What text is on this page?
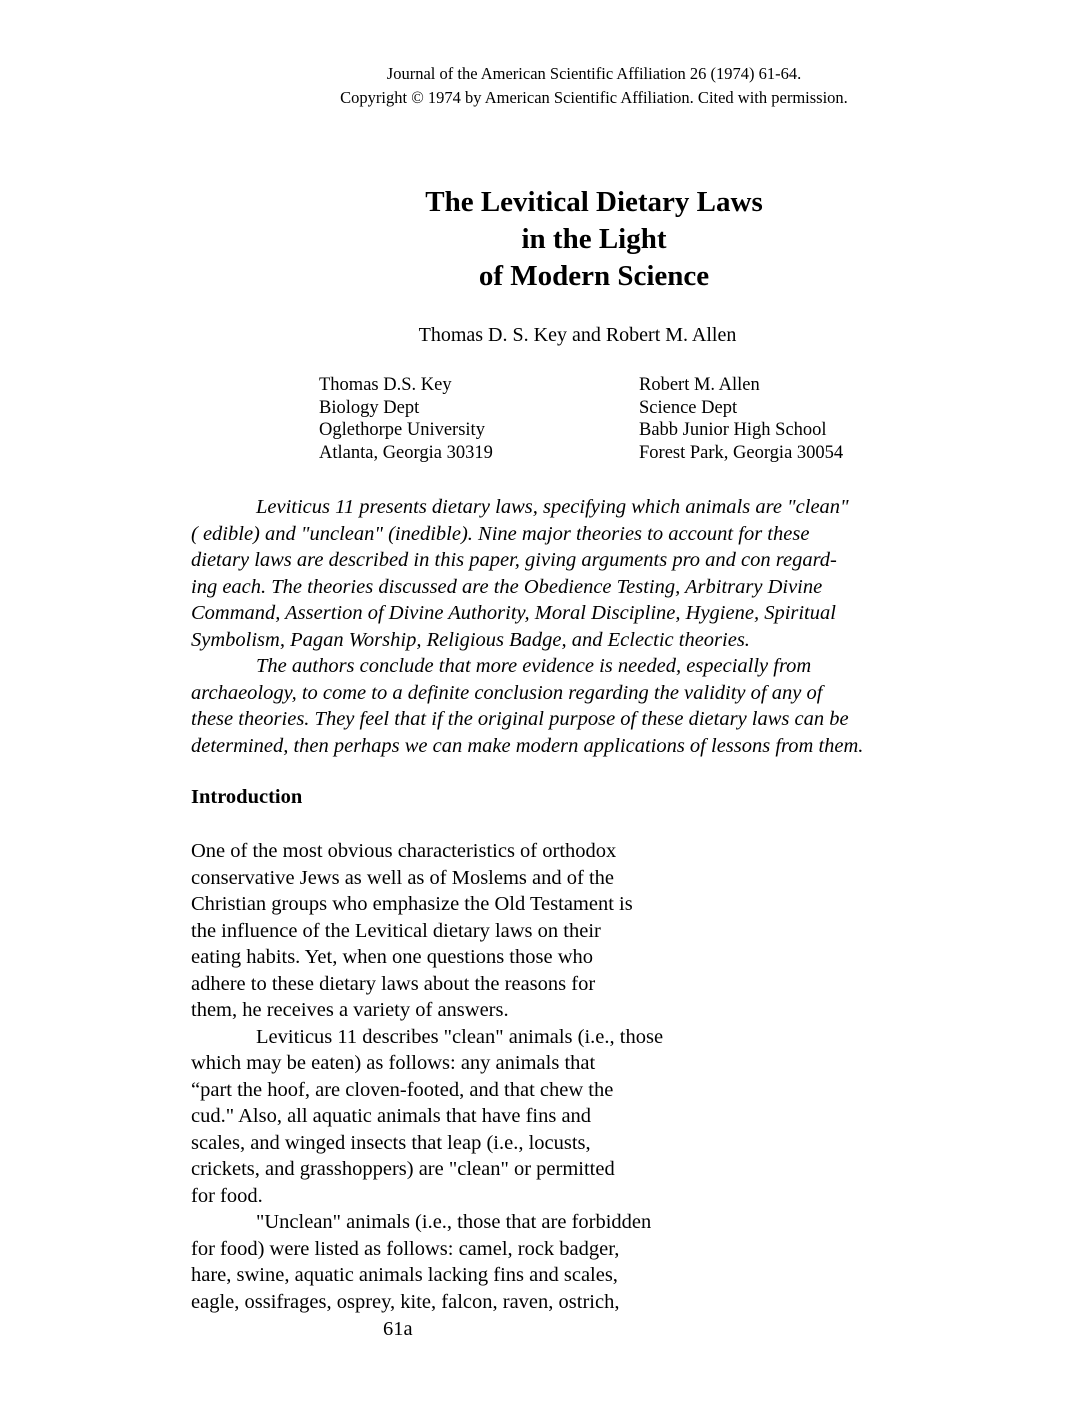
Journal of the American Scientific Affiliation 26 (1974) 61-64.
Copyright © 1974 by American Scientific Affiliation. Cited with permission.
The Levitical Dietary Laws
in the Light
of Modern Science
Thomas D. S. Key and Robert M. Allen
Thomas D.S. Key
Biology Dept
Oglethorpe University
Atlanta, Georgia 30319
Robert M. Allen
Science Dept
Babb Junior High School
Forest Park, Georgia 30054

Leviticus 11 presents dietary laws, specifying which animals are "clean"
( edible) and "unclean" (inedible). Nine major theories to account for these
dietary laws are described in this paper, giving arguments pro and con regard-
ing each. The theories discussed are the Obedience Testing, Arbitrary Divine
Command, Assertion of Divine Authority, Moral Discipline, Hygiene, Spiritual
Symbolism, Pagan Worship, Religious Badge, and Eclectic theories.

The authors conclude that more evidence is needed, especially from
archaeology, to come to a definite conclusion regarding the validity of any of
these theories. They feel that if the original purpose of these dietary laws can be
determined, then perhaps we can make modern applications of lessons from them.

Introduction

One of the most obvious characteristics of orthodox
conservative Jews as well as of Moslems and of the
Christian groups who emphasize the Old Testament is
the influence of the Levitical dietary laws on their
eating habits. Yet, when one questions those who
adhere to these dietary laws about the reasons for
them, he receives a variety of answers.

Leviticus 11 describes "clean" animals (i.e., those
which may be eaten) as follows: any animals that
“part the hoof, are cloven-footed, and that chew the
cud." Also, all aquatic animals that have fins and
scales, and winged insects that leap (i.e., locusts,
crickets, and grasshoppers) are "clean" or permitted
for food.

"Unclean" animals (i.e., those that are forbidden
for food) were listed as follows: camel, rock badger,
hare, swine, aquatic animals lacking fins and scales,
eagle, ossifrages, osprey, kite, falcon, raven, ostrich,

61a
